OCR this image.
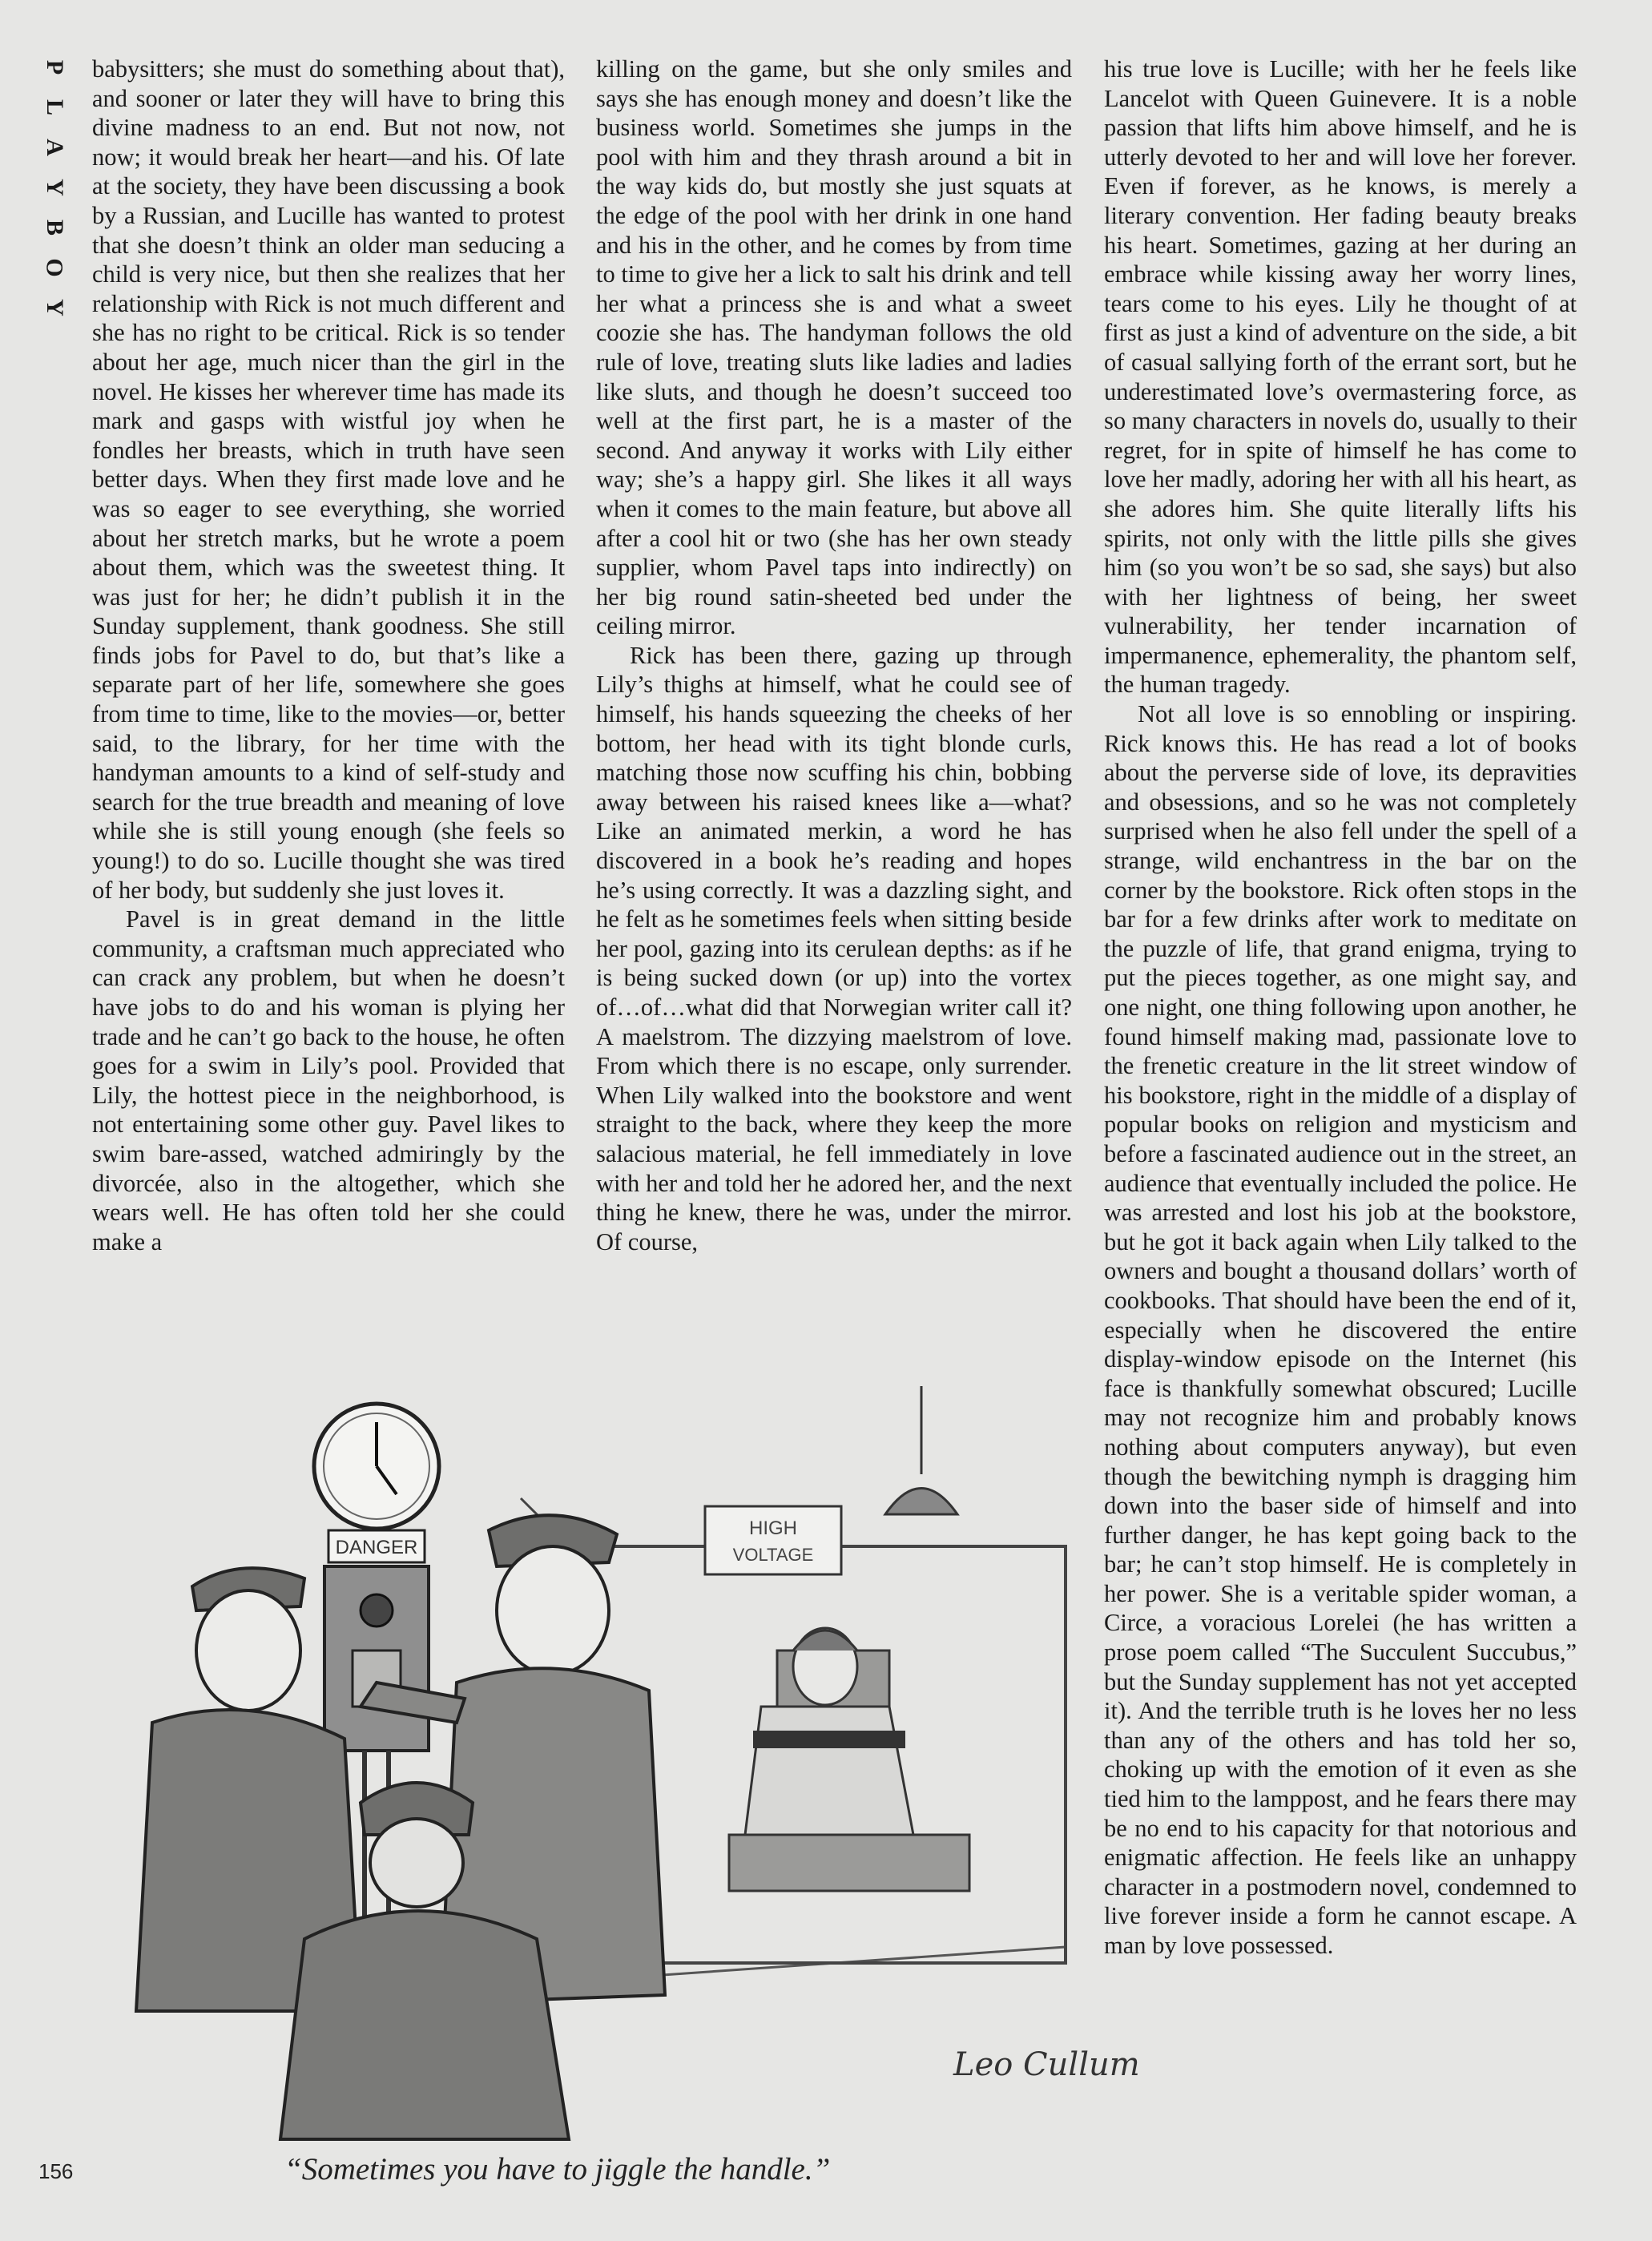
P
L
A
Y
B
O
Y

babysitters; she must do something about that), and sooner or later they will have to bring this divine madness to an end. But not now, not now; it would break her heart—and his. Of late at the society, they have been discussing a book by a Russian, and Lucille has wanted to protest that she doesn’t think an older man seducing a child is very nice, but then she realizes that her relationship with Rick is not much different and she has no right to be critical. Rick is so tender about her age, much nicer than the girl in the novel. He kisses her wherever time has made its mark and gasps with wistful joy when he fondles her breasts, which in truth have seen better days. When they first made love and he was so eager to see everything, she worried about her stretch marks, but he wrote a poem about them, which was the sweetest thing. It was just for her; he didn’t publish it in the Sunday supplement, thank goodness. She still finds jobs for Pavel to do, but that’s like a separate part of her life, somewhere she goes from time to time, like to the movies—or, better said, to the library, for her time with the handyman amounts to a kind of self-study and search for the true breadth and meaning of love while she is still young enough (she feels so young!) to do so. Lucille thought she was tired of her body, but suddenly she just loves it.

Pavel is in great demand in the little community, a craftsman much appreciated who can crack any problem, but when he doesn’t have jobs to do and his woman is plying her trade and he can’t go back to the house, he often goes for a swim in Lily’s pool. Provided that Lily, the hottest piece in the neighborhood, is not entertaining some other guy. Pavel likes to swim bare-assed, watched admiringly by the divorcée, also in the altogether, which she wears well. He has often told her she could make a

killing on the game, but she only smiles and says she has enough money and doesn’t like the business world. Sometimes she jumps in the pool with him and they thrash around a bit in the way kids do, but mostly she just squats at the edge of the pool with her drink in one hand and his in the other, and he comes by from time to time to give her a lick to salt his drink and tell her what a princess she is and what a sweet coozie she has. The handyman follows the old rule of love, treating sluts like ladies and ladies like sluts, and though he doesn’t succeed too well at the first part, he is a master of the second. And anyway it works with Lily either way; she’s a happy girl. She likes it all ways when it comes to the main feature, but above all after a cool hit or two (she has her own steady supplier, whom Pavel taps into indirectly) on her big round satin-sheeted bed under the ceiling mirror.

Rick has been there, gazing up through Lily’s thighs at himself, what he could see of himself, his hands squeezing the cheeks of her bottom, her head with its tight blonde curls, matching those now scuffing his chin, bobbing away between his raised knees like a—what? Like an animated merkin, a word he has discovered in a book he’s reading and hopes he’s using correctly. It was a dazzling sight, and he felt as he sometimes feels when sitting beside her pool, gazing into its cerulean depths: as if he is being sucked down (or up) into the vortex of…of…what did that Norwegian writer call it? A maelstrom. The dizzying maelstrom of love. From which there is no escape, only surrender. When Lily walked into the bookstore and went straight to the back, where they keep the more salacious material, he fell immediately in love with her and told her he adored her, and the next thing he knew, there he was, under the mirror. Of course,

his true love is Lucille; with her he feels like Lancelot with Queen Guinevere. It is a noble passion that lifts him above himself, and he is utterly devoted to her and will love her forever. Even if forever, as he knows, is merely a literary convention. Her fading beauty breaks his heart. Sometimes, gazing at her during an embrace while kissing away her worry lines, tears come to his eyes. Lily he thought of at first as just a kind of adventure on the side, a bit of casual sallying forth of the errant sort, but he underestimated love’s overmastering force, as so many characters in novels do, usually to their regret, for in spite of himself he has come to love her madly, adoring her with all his heart, as she adores him. She quite literally lifts his spirits, not only with the little pills she gives him (so you won’t be so sad, she says) but also with her lightness of being, her sweet vulnerability, her tender incarnation of impermanence, ephemerality, the phantom self, the human tragedy.

Not all love is so ennobling or inspiring. Rick knows this. He has read a lot of books about the perverse side of love, its depravities and obsessions, and so he was not completely surprised when he also fell under the spell of a strange, wild enchantress in the bar on the corner by the bookstore. Rick often stops in the bar for a few drinks after work to meditate on the puzzle of life, that grand enigma, trying to put the pieces together, as one might say, and one night, one thing following upon another, he found himself making mad, passionate love to the frenetic creature in the lit street window of his bookstore, right in the middle of a display of popular books on religion and mysticism and before a fascinated audience out in the street, an audience that eventually included the police. He was arrested and lost his job at the bookstore, but he got it back again when Lily talked to the owners and bought a thousand dollars’ worth of cookbooks. That should have been the end of it, especially when he discovered the entire display-window episode on the Internet (his face is thankfully somewhat obscured; Lucille may not recognize him and probably knows nothing about computers anyway), but even though the bewitching nymph is dragging him down into the baser side of himself and into further danger, he has kept going back to the bar; he can’t stop himself. He is completely in her power. She is a veritable spider woman, a Circe, a voracious Lorelei (he has written a prose poem called “The Succulent Succubus,” but the Sunday supplement has not yet accepted it). And the terrible truth is he loves her no less than any of the others and has told her so, choking up with the emotion of it even as she tied him to the lamppost, and he fears there may be no end to his capacity for that notorious and enigmatic affection. He feels like an unhappy character in a postmodern novel, condemned to live forever inside a form he cannot escape. A man by love possessed.

HIGH
VOLTAGE
DANGER
Leo Cullum
“Sometimes you have to jiggle the handle.”
156
